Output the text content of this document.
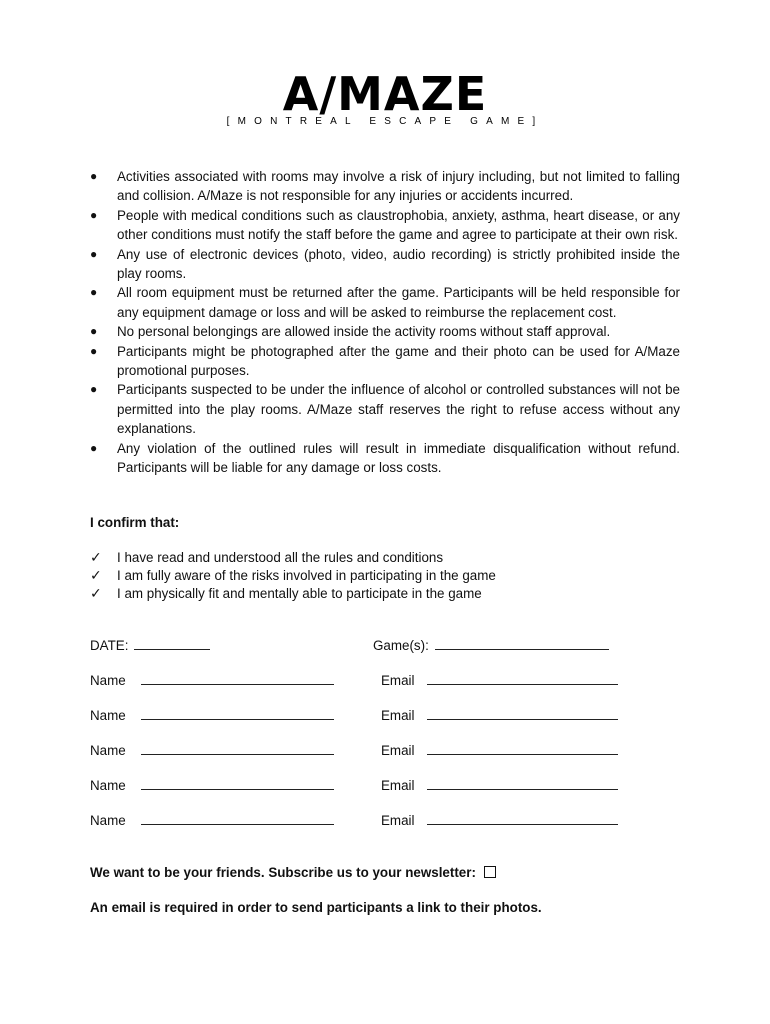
A/MAZE
[MONTREAL ESCAPE GAME]
● Activities associated with rooms may involve a risk of injury including, but not limited to falling and collision. A/Maze is not responsible for any injuries or accidents incurred.
● People with medical conditions such as claustrophobia, anxiety, asthma, heart disease, or any other conditions must notify the staff before the game and agree to participate at their own risk.
● Any use of electronic devices (photo, video, audio recording) is strictly prohibited inside the play rooms.
● All room equipment must be returned after the game. Participants will be held responsible for any equipment damage or loss and will be asked to reimburse the replacement cost.
● No personal belongings are allowed inside the activity rooms without staff approval.
● Participants might be photographed after the game and their photo can be used for A/Maze promotional purposes.
● Participants suspected to be under the influence of alcohol or controlled substances will not be permitted into the play rooms. A/Maze staff reserves the right to refuse access without any explanations.
● Any violation of the outlined rules will result in immediate disqualification without refund. Participants will be liable for any damage or loss costs.
I confirm that:
✓ I have read and understood all the rules and conditions
✓ I am fully aware of the risks involved in participating in the game
✓ I am physically fit and mentally able to participate in the game
DATE:	Game(s):
Name	Email
Name	Email
Name	Email
Name	Email
Name	Email
We want to be your friends. Subscribe us to your newsletter:
An email is required in order to send participants a link to their photos.
